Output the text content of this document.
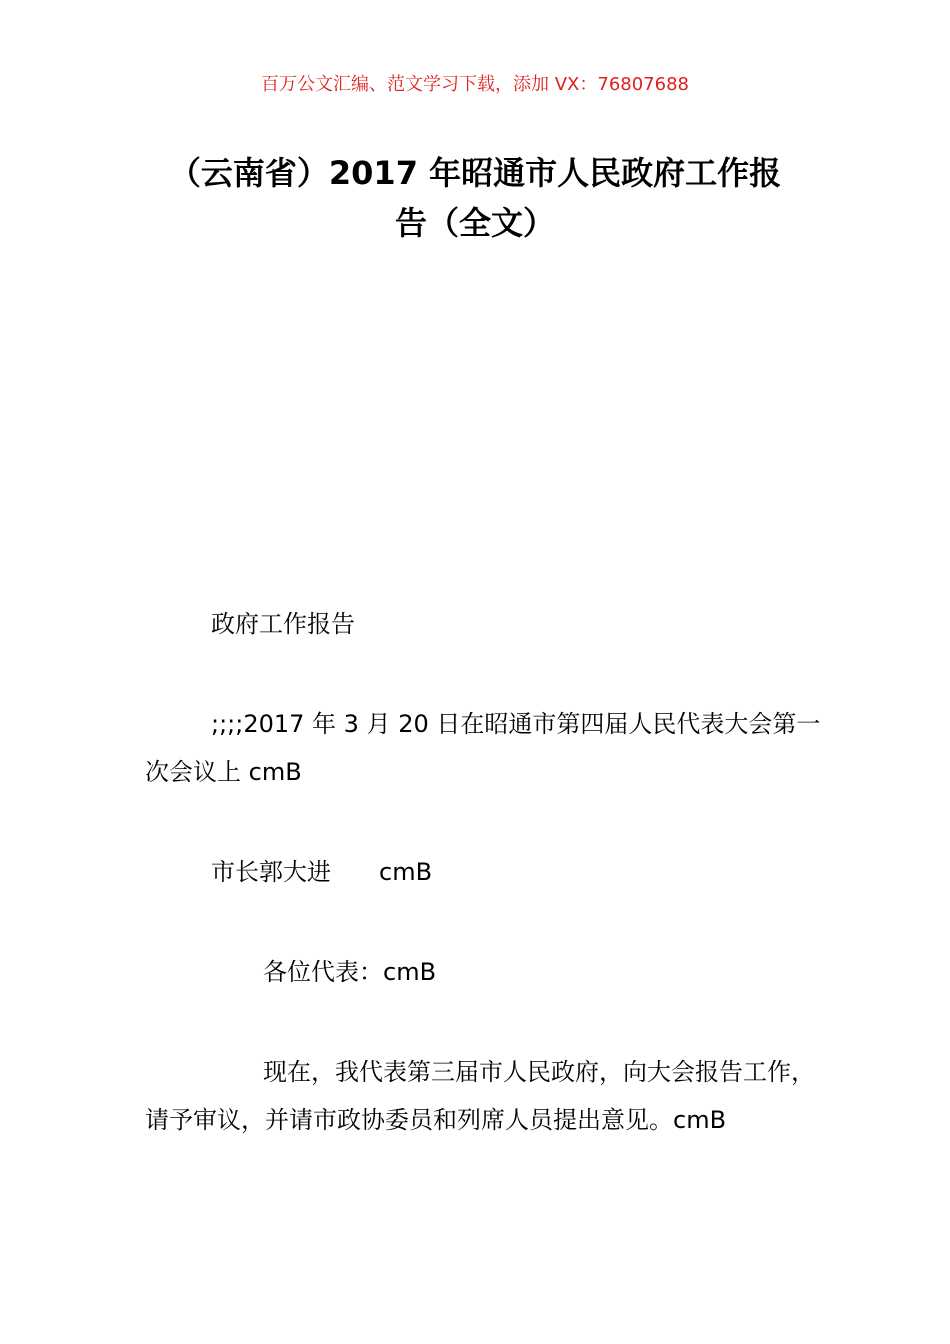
百万公文汇编、范文学习下载，添加 VX：76807688
（云南省）2017 年昭通市人民政府工作报
告（全文）
政府工作报告
;;;;2017 年 3 月 20 日在昭通市第四届人民代表大会第一次会议上 cmB
市长郭大进　　cmB
各位代表：cmB
现在，我代表第三届市人民政府，向大会报告工作，请予审议，并请市政协委员和列席人员提出意见。cmB
